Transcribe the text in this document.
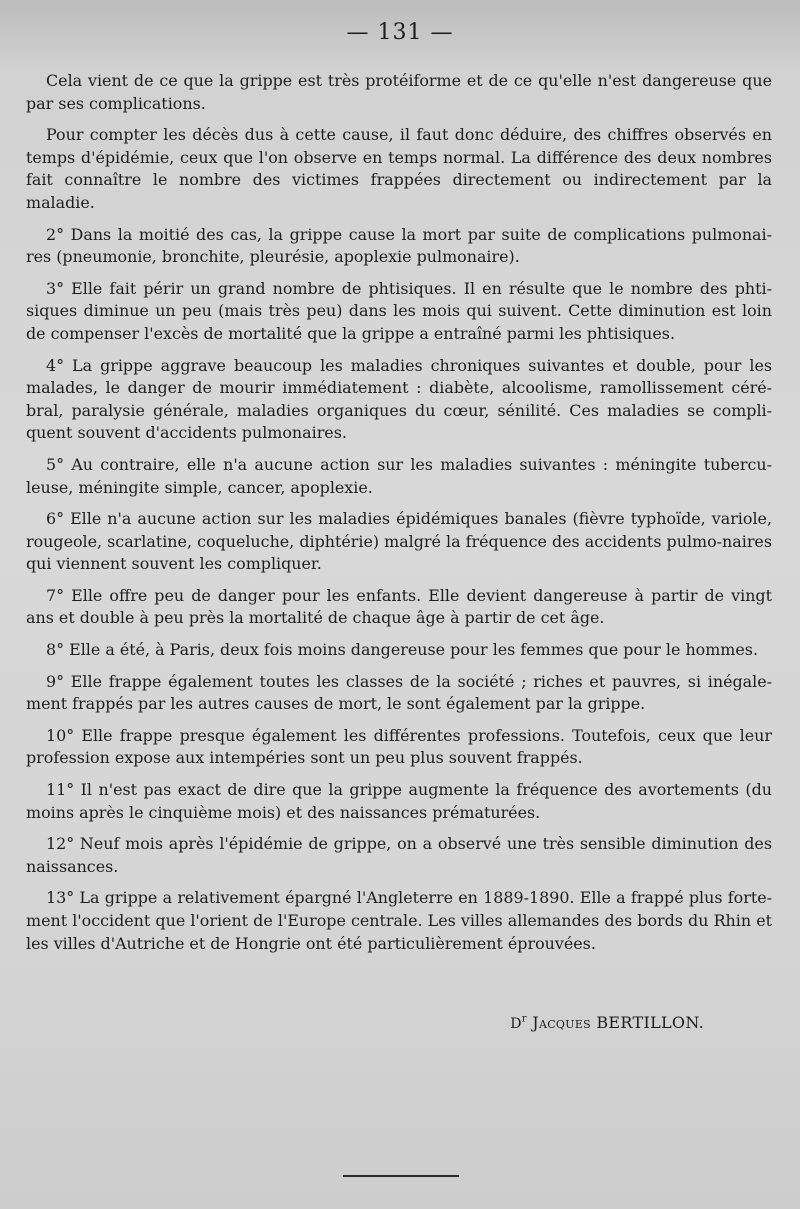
— 131 —

Cela vient de ce que la grippe est très protéiforme et de ce qu'elle n'est dangereuse que par ses complications.

Pour compter les décès dus à cette cause, il faut donc déduire, des chiffres observés en temps d'épidémie, ceux que l'on observe en temps normal. La différence des deux nombres fait connaître le nombre des victimes frappées directement ou indirectement par la maladie.

2° Dans la moitié des cas, la grippe cause la mort par suite de complications pulmonai-res (pneumonie, bronchite, pleurésie, apoplexie pulmonaire).

3° Elle fait périr un grand nombre de phtisiques. Il en résulte que le nombre des phti-siques diminue un peu (mais très peu) dans les mois qui suivent. Cette diminution est loin de compenser l'excès de mortalité que la grippe a entraîné parmi les phtisiques.

4° La grippe aggrave beaucoup les maladies chroniques suivantes et double, pour les malades, le danger de mourir immédiatement : diabète, alcoolisme, ramollissement céré-bral, paralysie générale, maladies organiques du cœur, sénilité. Ces maladies se compli-quent souvent d'accidents pulmonaires.

5° Au contraire, elle n'a aucune action sur les maladies suivantes : méningite tubercu-leuse, méningite simple, cancer, apoplexie.

6° Elle n'a aucune action sur les maladies épidémiques banales (fièvre typhoïde, variole, rougeole, scarlatine, coqueluche, diphtérie) malgré la fréquence des accidents pulmo-naires qui viennent souvent les compliquer.

7° Elle offre peu de danger pour les enfants. Elle devient dangereuse à partir de vingt ans et double à peu près la mortalité de chaque âge à partir de cet âge.

8° Elle a été, à Paris, deux fois moins dangereuse pour les femmes que pour le hommes.

9° Elle frappe également toutes les classes de la société ; riches et pauvres, si inégale-ment frappés par les autres causes de mort, le sont également par la grippe.

10° Elle frappe presque également les différentes professions. Toutefois, ceux que leur profession expose aux intempéries sont un peu plus souvent frappés.

11° Il n'est pas exact de dire que la grippe augmente la fréquence des avortements (du moins après le cinquième mois) et des naissances prématurées.

12° Neuf mois après l'épidémie de grippe, on a observé une très sensible diminution des naissances.

13° La grippe a relativement épargné l'Angleterre en 1889-1890. Elle a frappé plus forte-ment l'occident que l'orient de l'Europe centrale. Les villes allemandes des bords du Rhin et les villes d'Autriche et de Hongrie ont été particulièrement éprouvées.

$D^r$ Jacques BERTILLON.
